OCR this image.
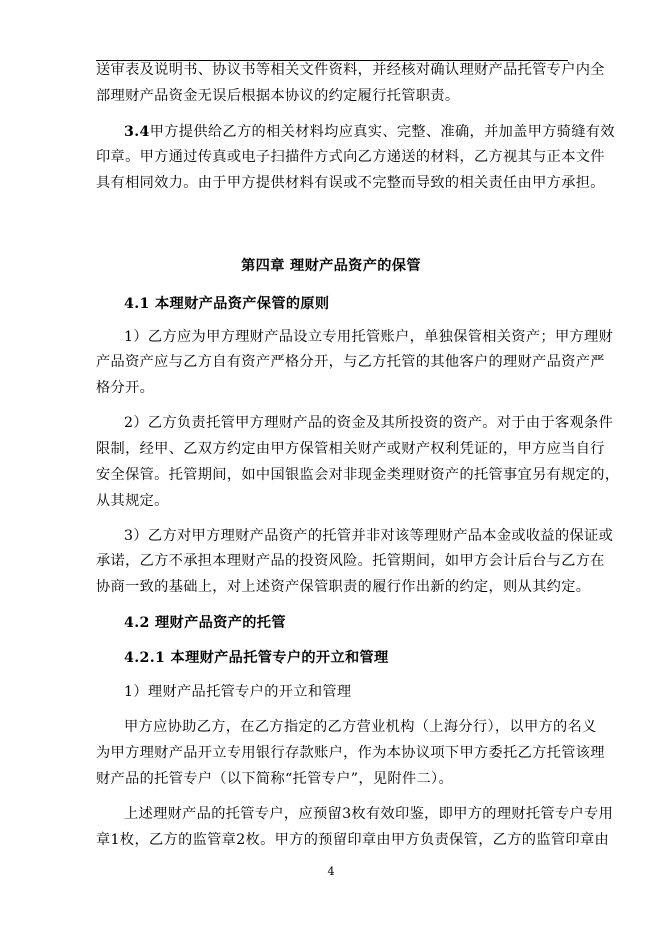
送审表及说明书、协议书等相关文件资料，并经核对确认理财产品托管专户内全
部理财产品资金无误后根据本协议的约定履行托管职责。
3.4甲方提供给乙方的相关材料均应真实、完整、准确，并加盖甲方骑缝有效
印章。甲方通过传真或电子扫描件方式向乙方递送的材料，乙方视其与正本文件
具有相同效力。由于甲方提供材料有误或不完整而导致的相关责任由甲方承担。
第四章 理财产品资产的保管
4.1 本理财产品资产保管的原则
1）乙方应为甲方理财产品设立专用托管账户，单独保管相关资产；甲方理财
产品资产应与乙方自有资产严格分开，与乙方托管的其他客户的理财产品资产严
格分开。
2）乙方负责托管甲方理财产品的资金及其所投资的资产。对于由于客观条件
限制，经甲、乙双方约定由甲方保管相关财产或财产权利凭证的，甲方应当自行
安全保管。托管期间，如中国银监会对非现金类理财资产的托管事宜另有规定的，
从其规定。
3）乙方对甲方理财产品资产的托管并非对该等理财产品本金或收益的保证或
承诺，乙方不承担本理财产品的投资风险。托管期间，如甲方会计后台与乙方在
协商一致的基础上，对上述资产保管职责的履行作出新的约定，则从其约定。
4.2 理财产品资产的托管
4.2.1 本理财产品托管专户的开立和管理
1）理财产品托管专户的开立和管理
甲方应协助乙方，在乙方指定的乙方营业机构（上海分行），以甲方的名义
为甲方理财产品开立专用银行存款账户，作为本协议项下甲方委托乙方托管该理
财产品的托管专户（以下简称“托管专户”，见附件二）。
上述理财产品的托管专户，应预留3枚有效印鉴，即甲方的理财托管专户专用
章1枚，乙方的监管章2枚。甲方的预留印章由甲方负责保管，乙方的监管印章由
4
